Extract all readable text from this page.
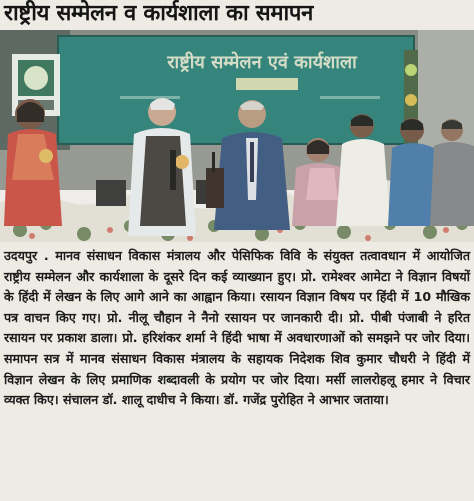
राष्ट्रीय सम्मेलन व कार्यशाला का समापन
राष्ट्रीय सम्मेलन एवं कार्यशाला

उदयपुर . मानव संसाधन विकास मंत्रालय और पेसिफिक विवि के संयुक्त तत्वावधान में आयोजित राष्ट्रीय सम्मेलन और कार्यशाला के दूसरे दिन कई व्याख्यान हुए। प्रो. रामेश्वर आमेटा ने विज्ञान विषयों के हिंदी में लेखन के लिए आगे आने का आह्वान किया। रसायन विज्ञान विषय पर हिंदी में 10 मौखिक पत्र वाचन किए गए। प्रो. नीलू चौहान ने नैनो रसायन पर जानकारी दी। प्रो. पीबी पंजाबी ने हरित रसायन पर प्रकाश डाला। प्रो. हरिशंकर शर्मा ने हिंदी भाषा में अवधारणाओं को समझने पर जोर दिया। समापन सत्र में मानव संसाधन विकास मंत्रालय के सहायक निदेशक शिव कुमार चौधरी ने हिंदी में विज्ञान लेखन के लिए प्रमाणिक शब्दावली के प्रयोग पर जोर दिया। मर्सी लालरोहलू हमार ने विचार व्यक्त किए। संचालन डॉ. शालू दाधीच ने किया। डॉ. गजेंद्र पुरोहित ने आभार जताया।
